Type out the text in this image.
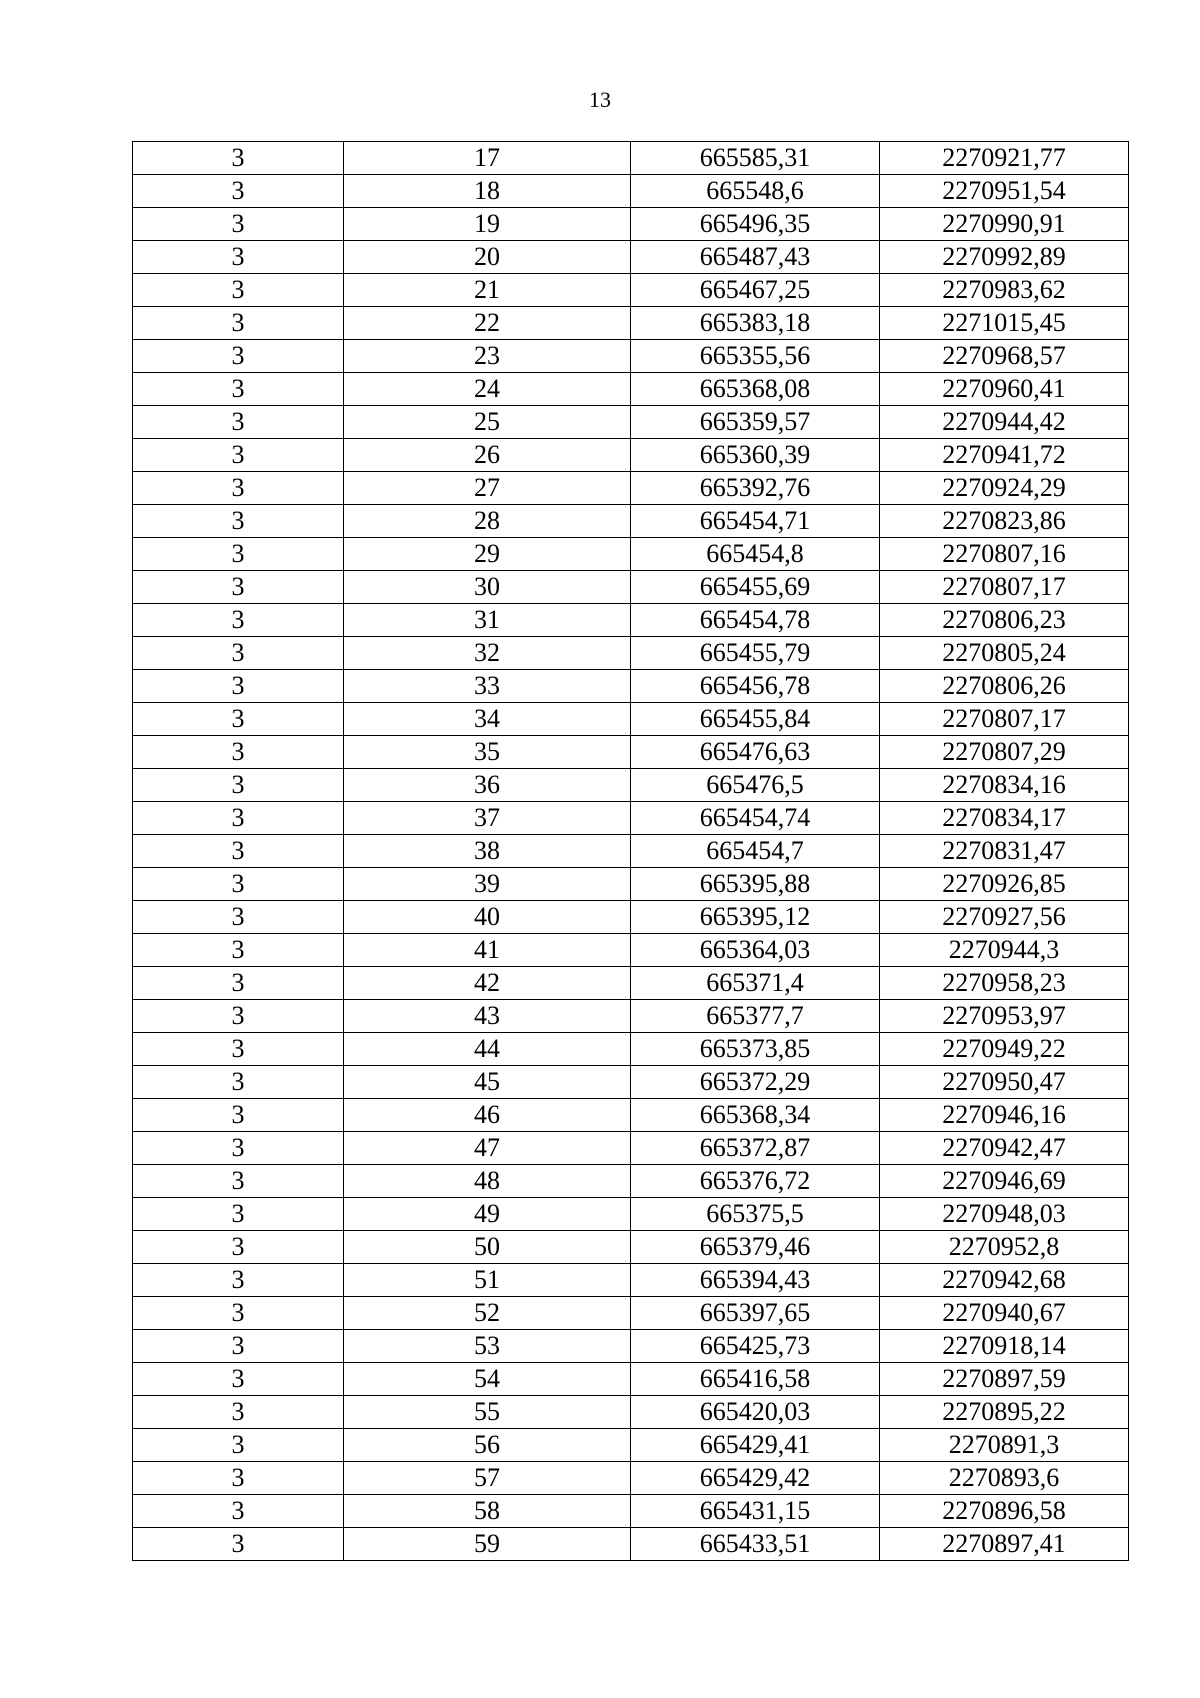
13
3	17	665585,31	2270921,77
3	18	665548,6	2270951,54
3	19	665496,35	2270990,91
3	20	665487,43	2270992,89
3	21	665467,25	2270983,62
3	22	665383,18	2271015,45
3	23	665355,56	2270968,57
3	24	665368,08	2270960,41
3	25	665359,57	2270944,42
3	26	665360,39	2270941,72
3	27	665392,76	2270924,29
3	28	665454,71	2270823,86
3	29	665454,8	2270807,16
3	30	665455,69	2270807,17
3	31	665454,78	2270806,23
3	32	665455,79	2270805,24
3	33	665456,78	2270806,26
3	34	665455,84	2270807,17
3	35	665476,63	2270807,29
3	36	665476,5	2270834,16
3	37	665454,74	2270834,17
3	38	665454,7	2270831,47
3	39	665395,88	2270926,85
3	40	665395,12	2270927,56
3	41	665364,03	2270944,3
3	42	665371,4	2270958,23
3	43	665377,7	2270953,97
3	44	665373,85	2270949,22
3	45	665372,29	2270950,47
3	46	665368,34	2270946,16
3	47	665372,87	2270942,47
3	48	665376,72	2270946,69
3	49	665375,5	2270948,03
3	50	665379,46	2270952,8
3	51	665394,43	2270942,68
3	52	665397,65	2270940,67
3	53	665425,73	2270918,14
3	54	665416,58	2270897,59
3	55	665420,03	2270895,22
3	56	665429,41	2270891,3
3	57	665429,42	2270893,6
3	58	665431,15	2270896,58
3	59	665433,51	2270897,41
